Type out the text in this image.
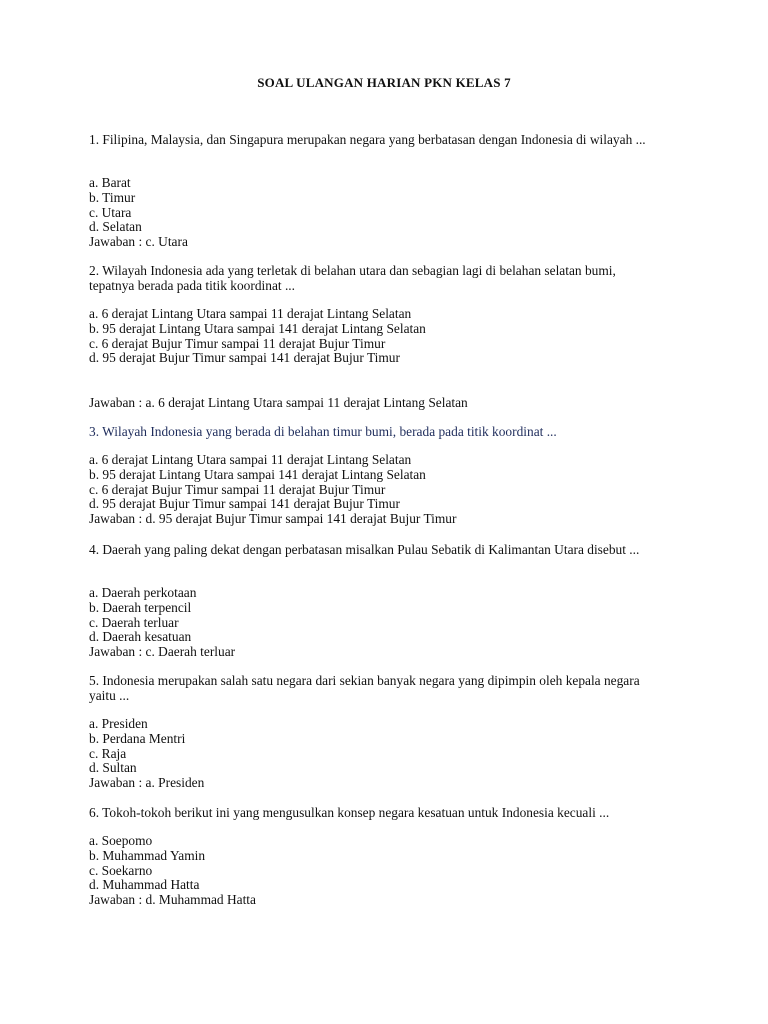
SOAL ULANGAN HARIAN PKN KELAS 7
1. Filipina, Malaysia, dan Singapura merupakan negara yang berbatasan dengan Indonesia di wilayah ...
a. Barat
b. Timur
c. Utara
d. Selatan
Jawaban : c. Utara
2. Wilayah Indonesia ada yang terletak di belahan utara dan sebagian lagi di belahan selatan bumi, tepatnya berada pada titik koordinat ...
a. 6 derajat Lintang Utara sampai 11 derajat Lintang Selatan
b. 95 derajat Lintang Utara sampai 141 derajat Lintang Selatan
c. 6 derajat Bujur Timur sampai 11 derajat Bujur Timur
d. 95 derajat Bujur Timur sampai 141 derajat Bujur Timur
Jawaban : a. 6 derajat Lintang Utara sampai 11 derajat Lintang Selatan
3. Wilayah Indonesia yang berada di belahan timur bumi, berada pada titik koordinat ...
a. 6 derajat Lintang Utara sampai 11 derajat Lintang Selatan
b. 95 derajat Lintang Utara sampai 141 derajat Lintang Selatan
c. 6 derajat Bujur Timur sampai 11 derajat Bujur Timur
d. 95 derajat Bujur Timur sampai 141 derajat Bujur Timur
Jawaban : d. 95 derajat Bujur Timur sampai 141 derajat Bujur Timur
4. Daerah yang paling dekat dengan perbatasan misalkan Pulau Sebatik di Kalimantan Utara disebut ...
a. Daerah perkotaan
b. Daerah terpencil
c. Daerah terluar
d. Daerah kesatuan
Jawaban : c. Daerah terluar
5. Indonesia merupakan salah satu negara dari sekian banyak negara yang dipimpin oleh kepala negara yaitu ...
a. Presiden
b. Perdana Mentri
c. Raja
d. Sultan
Jawaban : a. Presiden
6. Tokoh-tokoh berikut ini yang mengusulkan konsep negara kesatuan untuk Indonesia kecuali ...
a. Soepomo
b. Muhammad Yamin
c. Soekarno
d. Muhammad Hatta
Jawaban : d. Muhammad Hatta
